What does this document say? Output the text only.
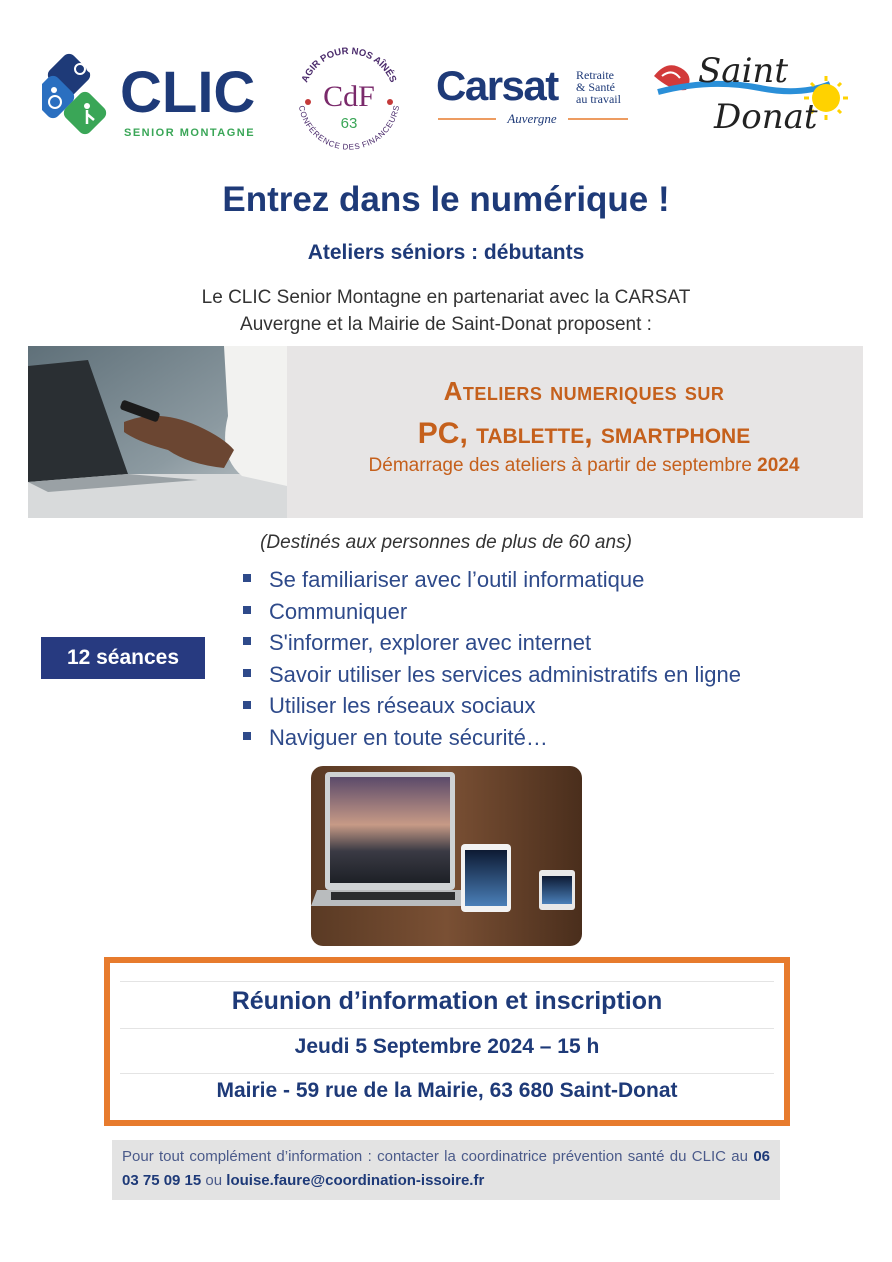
CLIC
SENIOR MONTAGNE
AGIR POUR NOS AÎNÉS
CONFÉRENCE DES FINANCEURS
CdF
63
Carsat Retraite
& Santé
au travail
Auvergne
Saint
Donat
Entrez dans le numérique !
Ateliers séniors : débutants
Le CLIC Senior Montagne en partenariat avec la CARSAT
Auvergne et la Mairie de Saint-Donat proposent :
Ateliers numeriques sur
PC, tablette, smartphone
Démarrage des ateliers à partir de septembre 2024
(Destinés aux personnes de plus de 60 ans)
12 séances
Se familiariser avec l’outil informatique
Communiquer
S'informer, explorer avec internet
Savoir utiliser les services administratifs en ligne
Utiliser les réseaux sociaux
Naviguer en toute sécurité…
Réunion d’information et inscription
Jeudi 5 Septembre 2024 – 15 h
Mairie - 59 rue de la Mairie, 63 680 Saint-Donat

Pour tout complément d’information : contacter la coordinatrice prévention santé du CLIC au 06 03 75 09 15 ou louise.faure@coordination-issoire.fr
